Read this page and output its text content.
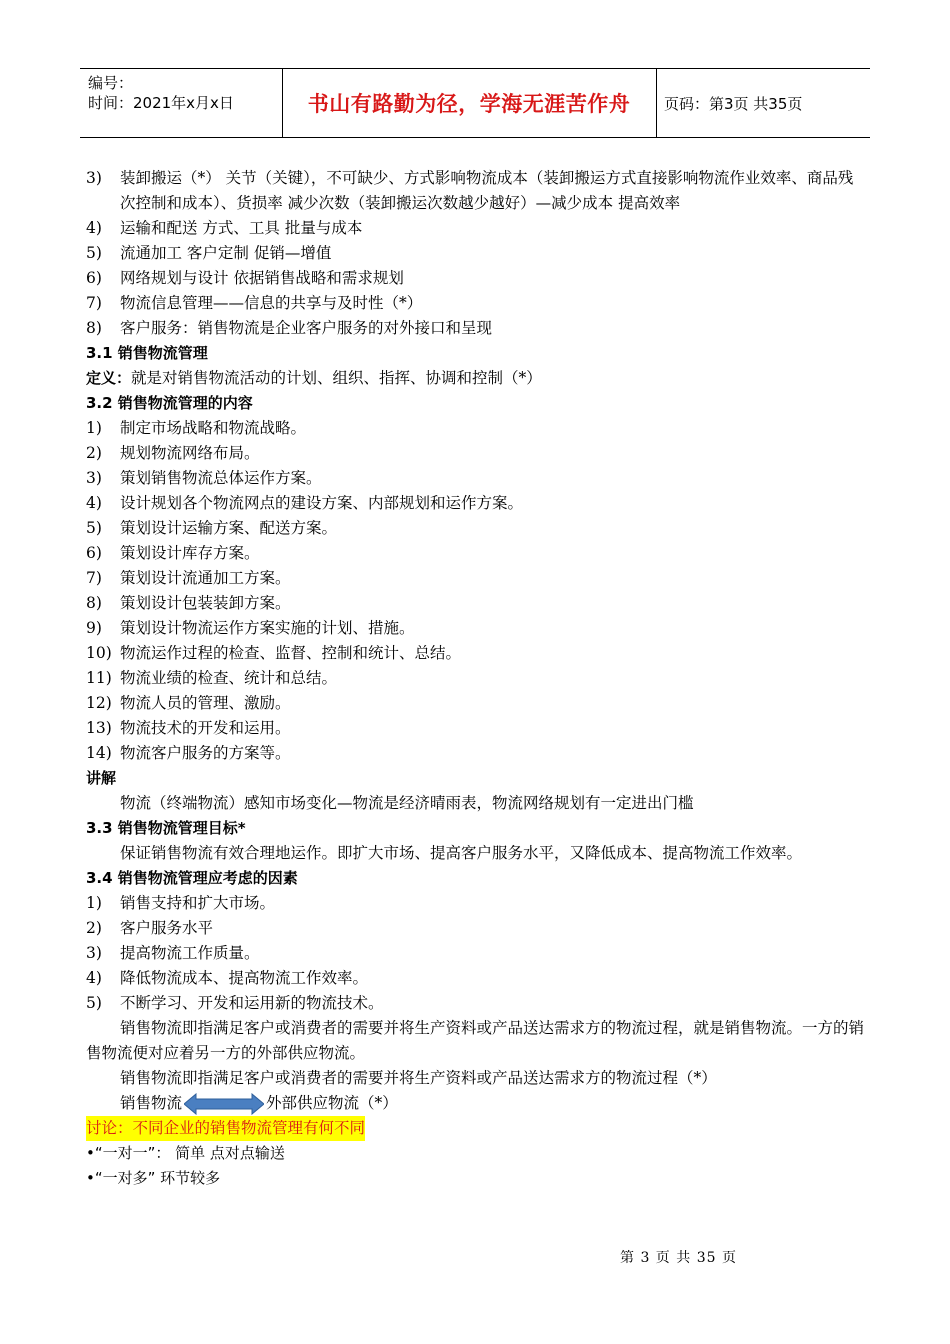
编号：
时间：2021年x月x日	书山有路勤为径，学海无涯苦作舟	页码：第3页 共35页
3) 装卸搬运（*） 关节（关键），不可缺少、方式影响物流成本（装卸搬运方式直接影响物流作业效率、商品残次控制和成本）、货损率 减少次数（装卸搬运次数越少越好）—减少成本 提高效率
4) 运输和配送 方式、工具 批量与成本
5) 流通加工 客户定制 促销—增值
6) 网络规划与设计 依据销售战略和需求规划
7) 物流信息管理——信息的共享与及时性（*）
8) 客户服务：销售物流是企业客户服务的对外接口和呈现
3.1 销售物流管理
定义：就是对销售物流活动的计划、组织、指挥、协调和控制（*）
3.2 销售物流管理的内容
1) 制定市场战略和物流战略。
2) 规划物流网络布局。
3) 策划销售物流总体运作方案。
4) 设计规划各个物流网点的建设方案、内部规划和运作方案。
5) 策划设计运输方案、配送方案。
6) 策划设计库存方案。
7) 策划设计流通加工方案。
8) 策划设计包装装卸方案。
9) 策划设计物流运作方案实施的计划、措施。
10) 物流运作过程的检查、监督、控制和统计、总结。
11) 物流业绩的检查、统计和总结。
12) 物流人员的管理、激励。
13) 物流技术的开发和运用。
14) 物流客户服务的方案等。
讲解
物流（终端物流）感知市场变化—物流是经济晴雨表，物流网络规划有一定进出门槛
3.3 销售物流管理目标*
保证销售物流有效合理地运作。即扩大市场、提高客户服务水平，又降低成本、提高物流工作效率。
3.4 销售物流管理应考虑的因素
1) 销售支持和扩大市场。
2) 客户服务水平
3) 提高物流工作质量。
4) 降低物流成本、提高物流工作效率。
5) 不断学习、开发和运用新的物流技术。
销售物流即指满足客户或消费者的需要并将生产资料或产品送达需求方的物流过程，就是销售物流。一方的销售物流便对应着另一方的外部供应物流。
销售物流即指满足客户或消费者的需要并将生产资料或产品送达需求方的物流过程（*）
销售物流	外部供应物流（*）
讨论：不同企业的销售物流管理有何不同
•“一对一”： 简单 点对点输送
•“一对多” 环节较多
第 3 页 共 35 页
